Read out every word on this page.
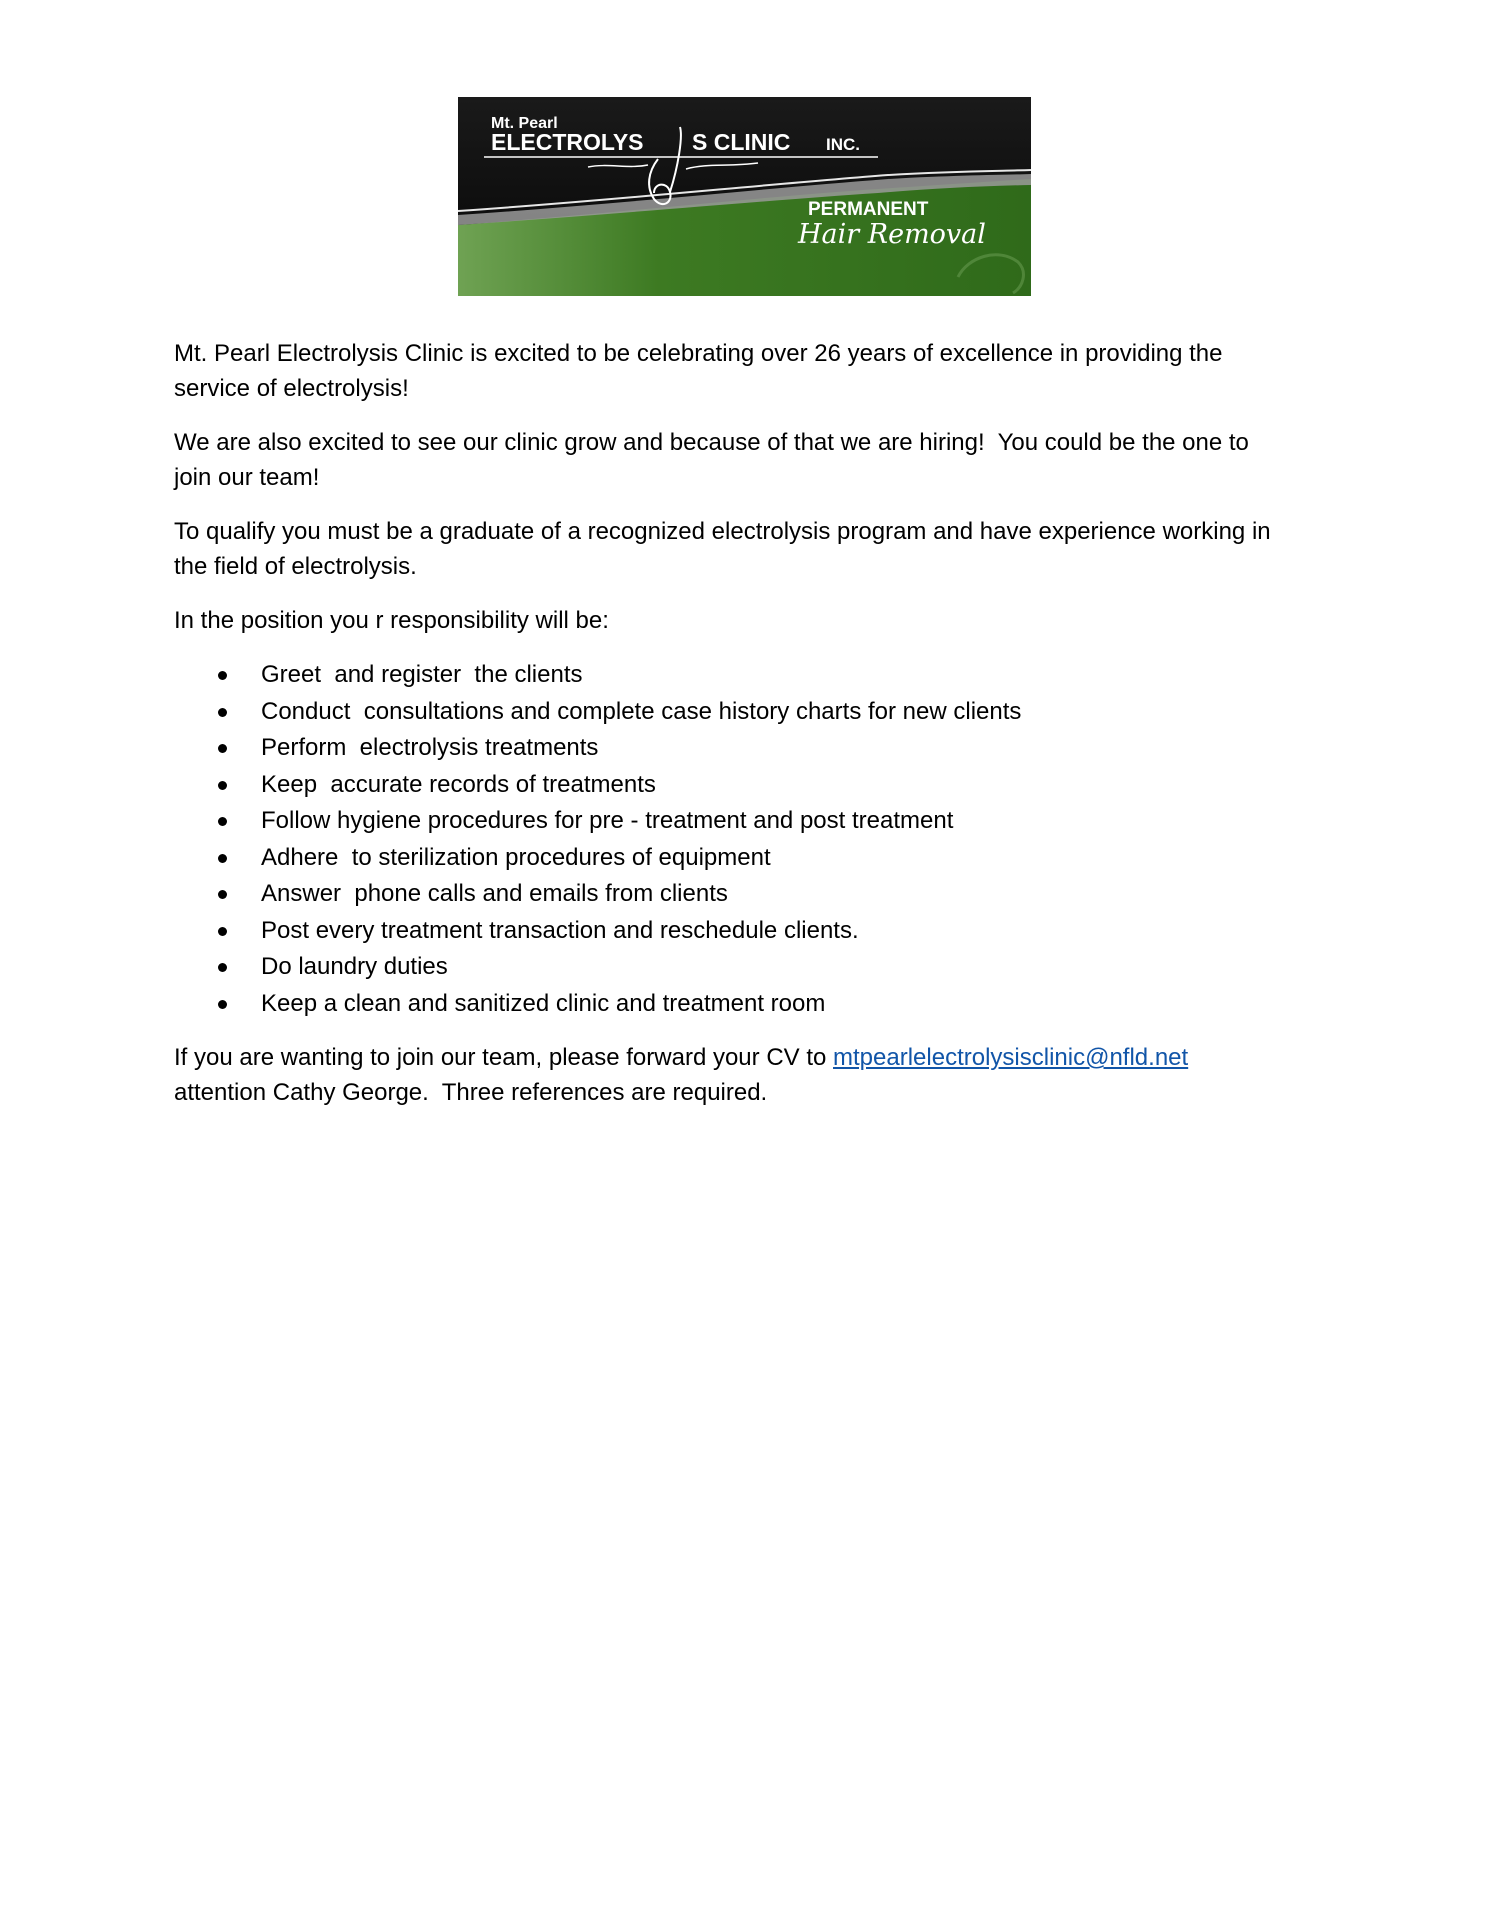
Mt. Pearl
ELECTROLYS S CLINIC INC.
PERMANENT
Hair Removal

Mt. Pearl Electrolysis Clinic is excited to be celebrating over 26 years of excellence in providing the
service of electrolysis!

We are also excited to see our clinic grow and because of that we are hiring!  You could be the one to
join our team!

To qualify you must be a graduate of a recognized electrolysis program and have experience working in
the field of electrolysis.

In the position you r responsibility will be:

Greet  and register  the clients
Conduct  consultations and complete case history charts for new clients
Perform  electrolysis treatments
Keep  accurate records of treatments
Follow hygiene procedures for pre - treatment and post treatment
Adhere  to sterilization procedures of equipment
Answer  phone calls and emails from clients
Post every treatment transaction and reschedule clients.
Do laundry duties
Keep a clean and sanitized clinic and treatment room

If you are wanting to join our team, please forward your CV to mtpearlelectrolysisclinic@nfld.net
attention Cathy George.  Three references are required.
